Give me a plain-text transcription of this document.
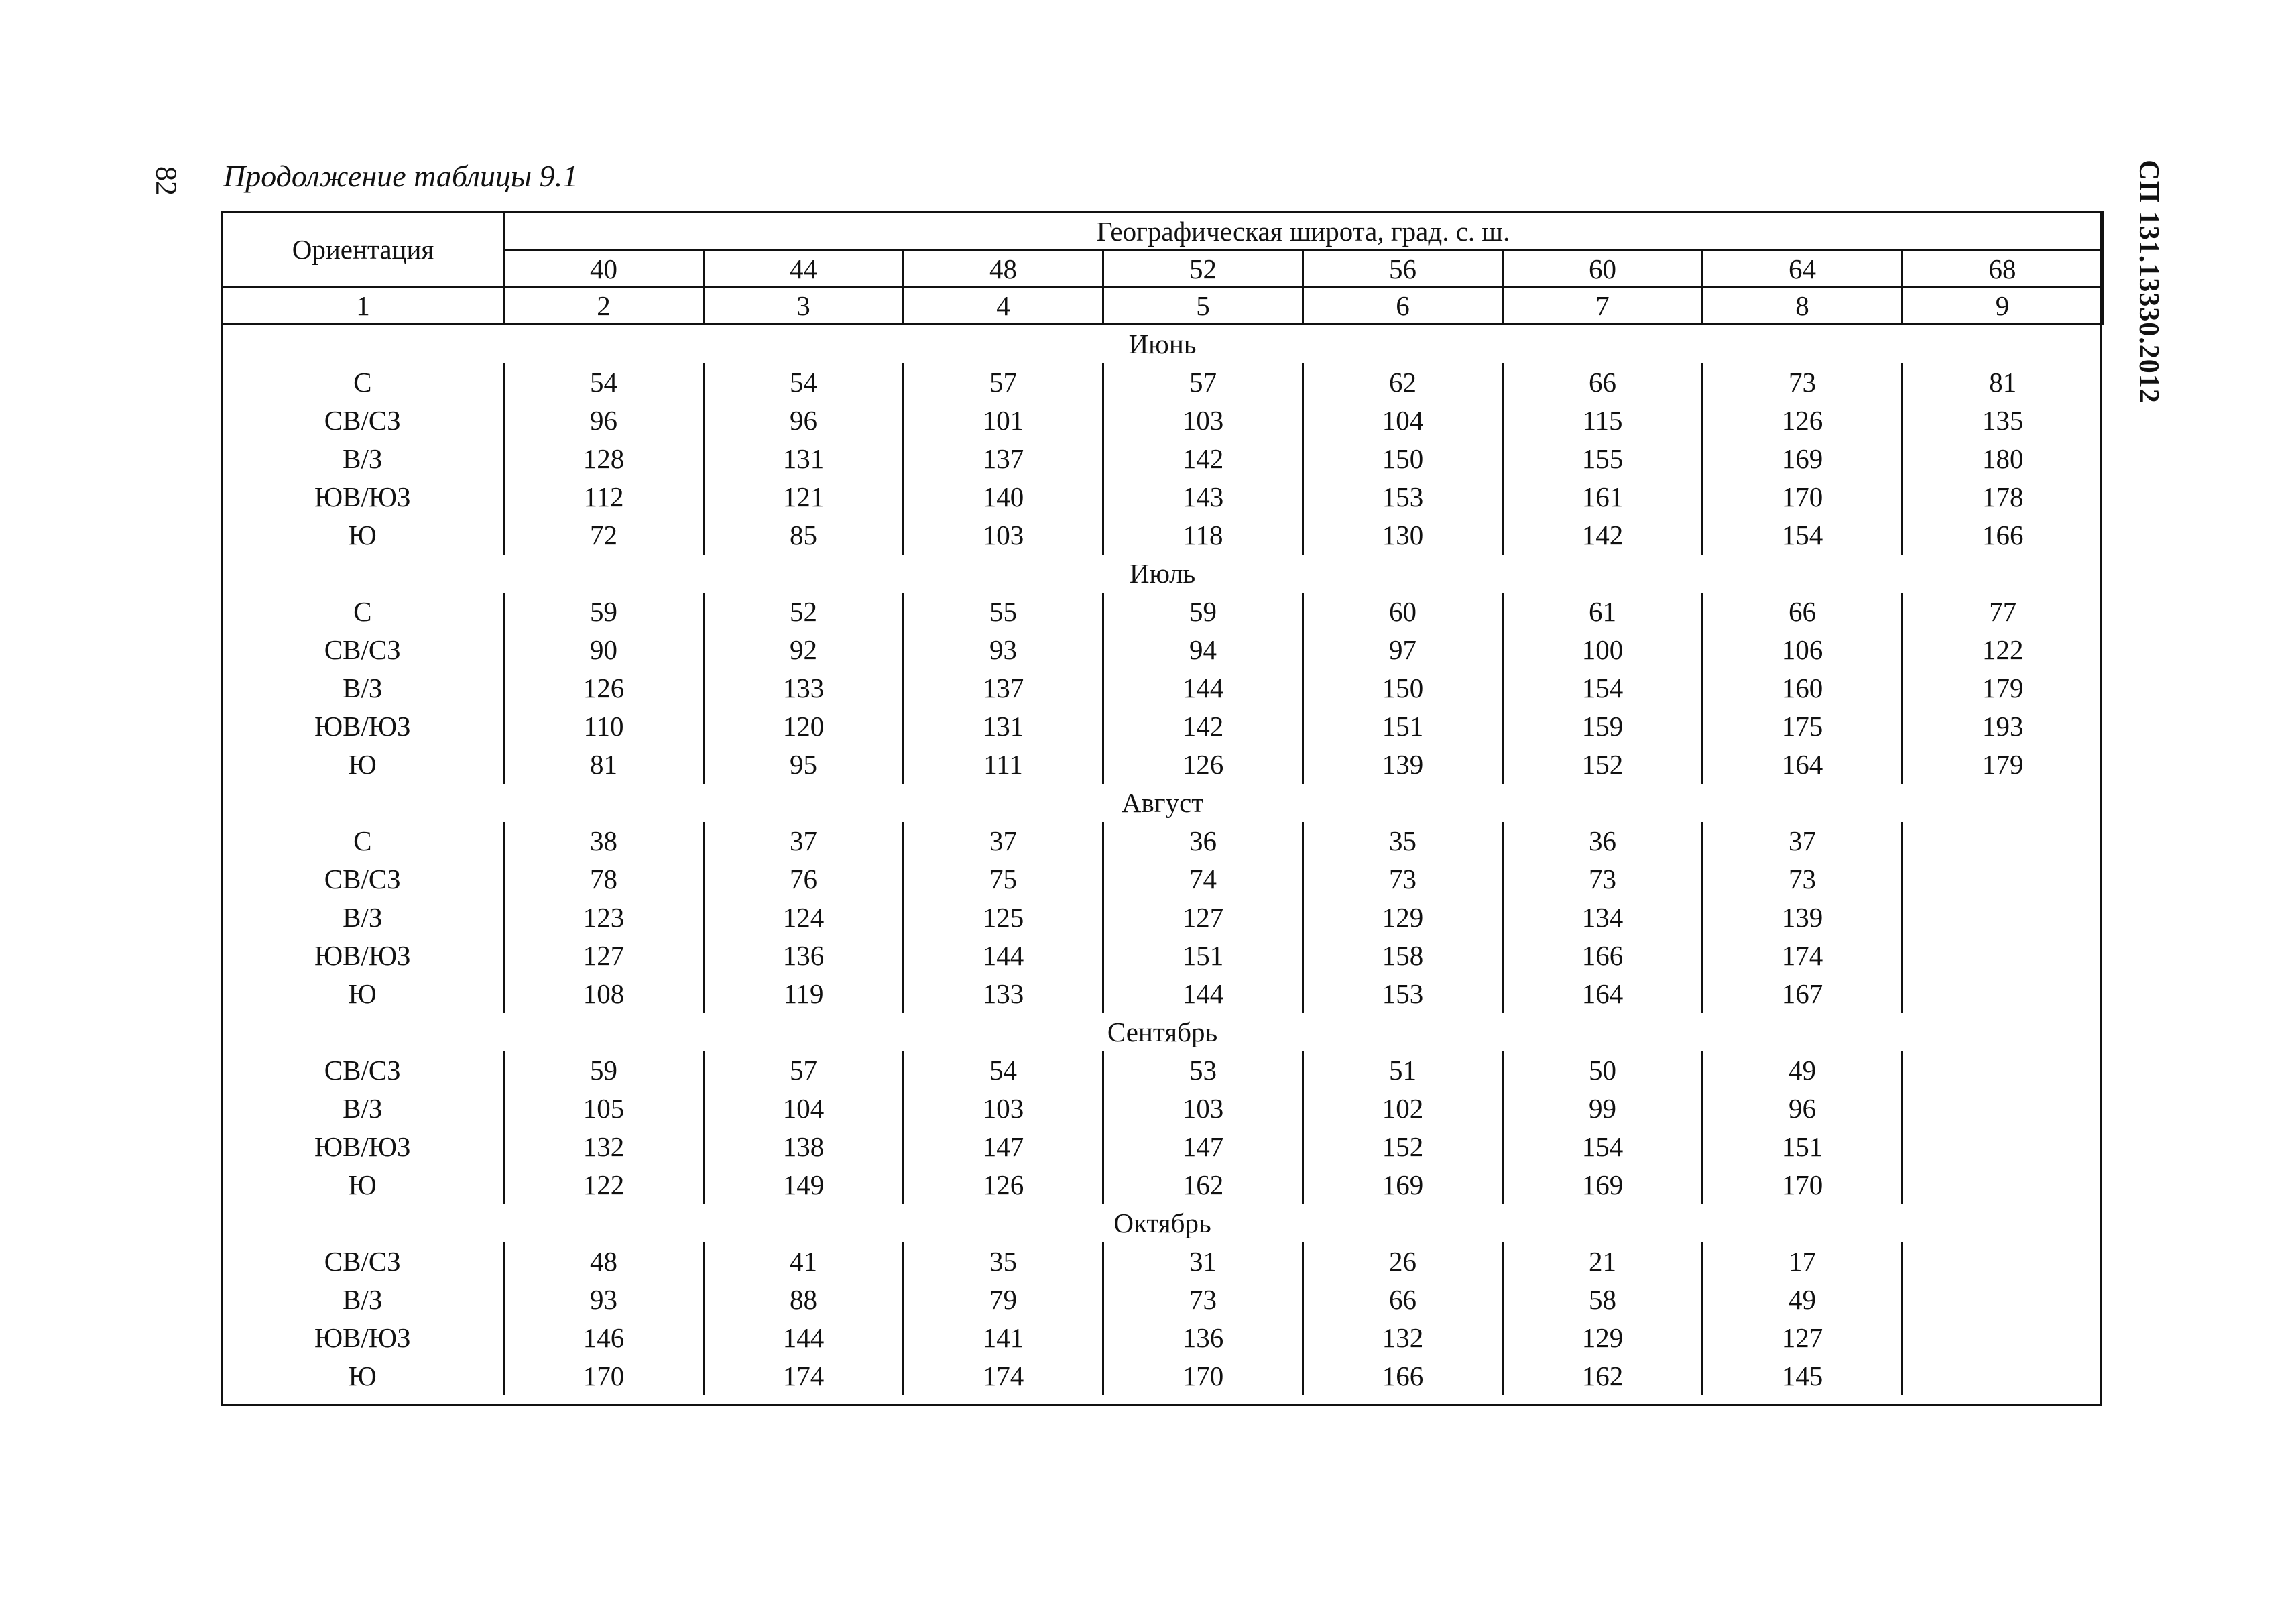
82 Продолжение таблицы 9.1	СП 131.13330.2012
Ориентация	Географическая широта, град. с. ш.							
	40	44	48	52	56	60	64	68
1	2	3	4	5	6	7	8	9
Июнь								
С	54	54	57	57	62	66	73	81
СВ/СЗ	96	96	101	103	104	115	126	135
В/З	128	131	137	142	150	155	169	180
ЮВ/ЮЗ	112	121	140	143	153	161	170	178
Ю	72	85	103	118	130	142	154	166
Июль								
С	59	52	55	59	60	61	66	77
СВ/СЗ	90	92	93	94	97	100	106	122
В/З	126	133	137	144	150	154	160	179
ЮВ/ЮЗ	110	120	131	142	151	159	175	193
Ю	81	95	111	126	139	152	164	179
Август								
С	38	37	37	36	35	36	37	
СВ/СЗ	78	76	75	74	73	73	73	
В/З	123	124	125	127	129	134	139	
ЮВ/ЮЗ	127	136	144	151	158	166	174	
Ю	108	119	133	144	153	164	167	
Сентябрь								
СВ/СЗ	59	57	54	53	51	50	49	
В/З	105	104	103	103	102	99	96	
ЮВ/ЮЗ	132	138	147	147	152	154	151	
Ю	122	149	126	162	169	169	170	
Октябрь								
СВ/СЗ	48	41	35	31	26	21	17	
В/З	93	88	79	73	66	58	49	
ЮВ/ЮЗ	146	144	141	136	132	129	127	
Ю	170	174	174	170	166	162	145	
